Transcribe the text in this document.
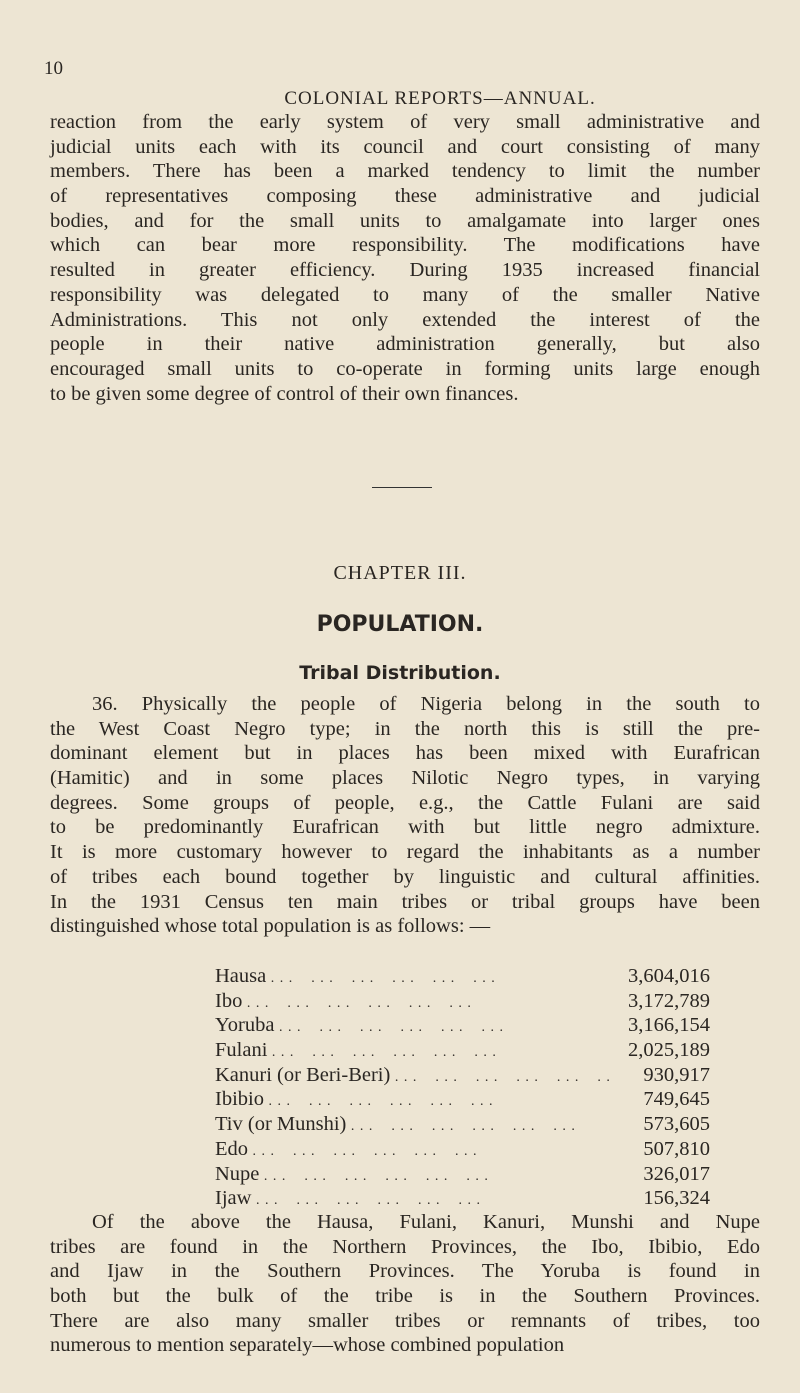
10
COLONIAL REPORTS—ANNUAL.
reaction from the early system of very small administrative and
judicial units each with its council and court consisting of many
members. There has been a marked tendency to limit the number
of representatives composing these administrative and judicial
bodies, and for the small units to amalgamate into larger ones
which can bear more responsibility. The modifications have
resulted in greater efficiency. During 1935 increased financial
responsibility was delegated to many of the smaller Native
Administrations. This not only extended the interest of the
people in their native administration generally, but also
encouraged small units to co-operate in forming units large enough
to be given some degree of control of their own finances.
CHAPTER III.
POPULATION.
Tribal Distribution.
36. Physically the people of Nigeria belong in the south to
the West Coast Negro type; in the north this is still the pre-
dominant element but in places has been mixed with Eurafrican
(Hamitic) and in some places Nilotic Negro types, in varying
degrees. Some groups of people, e.g., the Cattle Fulani are said
to be predominantly Eurafrican with but little negro admixture.
It is more customary however to regard the inhabitants as a number
of tribes each bound together by linguistic and cultural affinities.
In the 1931 Census ten main tribes or tribal groups have been
distinguished whose total population is as follows: —
Hausa . . .	3,604,016
Ibo . . .	3,172,789
Yoruba . . .	3,166,154
Fulani . . .	2,025,189
Kanuri (or Beri-Beri) . . .	930,917
Ibibio . . .	749,645
Tiv (or Munshi) . . .	573,605
Edo . . .	507,810
Nupe . . .	326,017
Ijaw . . .	156,324
Of the above the Hausa, Fulani, Kanuri, Munshi and Nupe
tribes are found in the Northern Provinces, the Ibo, Ibibio, Edo
and Ijaw in the Southern Provinces. The Yoruba is found in
both but the bulk of the tribe is in the Southern Provinces.
There are also many smaller tribes or remnants of tribes, too
numerous to mention separately—whose combined population
